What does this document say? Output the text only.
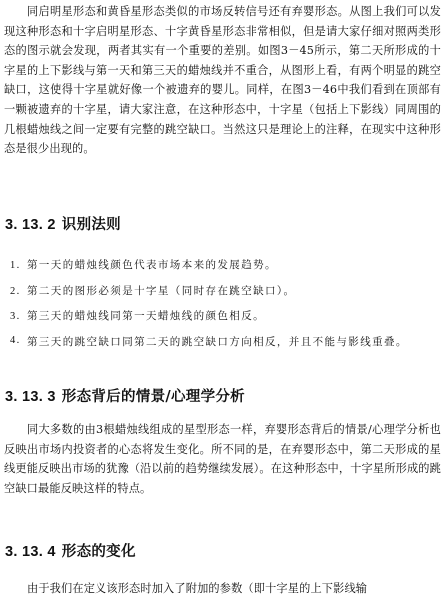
同启明星形态和黄昏星形态类似的市场反转信号还有弃婴形态。从图上我们可以发现这种形态和十字启明星形态、十字黄昏星形态非常相似，但是请大家仔细对照两类形态的图示就会发现，两者其实有一个重要的差别。如图3－45所示，第二天所形成的十字星的上下影线与第一天和第三天的蜡烛线并不重合，从图形上看，有两个明显的跳空缺口，这使得十字星就好像一个被遗弃的婴儿。同样，在图3－46中我们看到在顶部有一颗被遗弃的十字星，请大家注意，在这种形态中，十字星（包括上下影线）同周围的几根蜡烛线之间一定要有完整的跳空缺口。当然这只是理论上的注释，在现实中这种形态是很少出现的。

3. 13. 2 识别法则
1. 第一天的蜡烛线颜色代表市场本来的发展趋势。
2. 第二天的图形必须是十字星（同时存在跳空缺口）。
3. 第三天的蜡烛线同第一天蜡烛线的颜色相反。
4. 第三天的跳空缺口同第二天的跳空缺口方向相反，并且不能与影线重叠。
3. 13. 3 形态背后的情景/心理学分析

同大多数的由3根蜡烛线组成的星型形态一样，弃婴形态背后的情景/心理学分析也反映出市场内投资者的心态将发生变化。所不同的是，在弃婴形态中，第二天形成的星线更能反映出市场的犹豫（沿以前的趋势继续发展）。在这种形态中，十字星所形成的跳空缺口最能反映这样的特点。

3. 13. 4 形态的变化

由于我们在定义该形态时加入了附加的参数（即十字星的上下影线输
